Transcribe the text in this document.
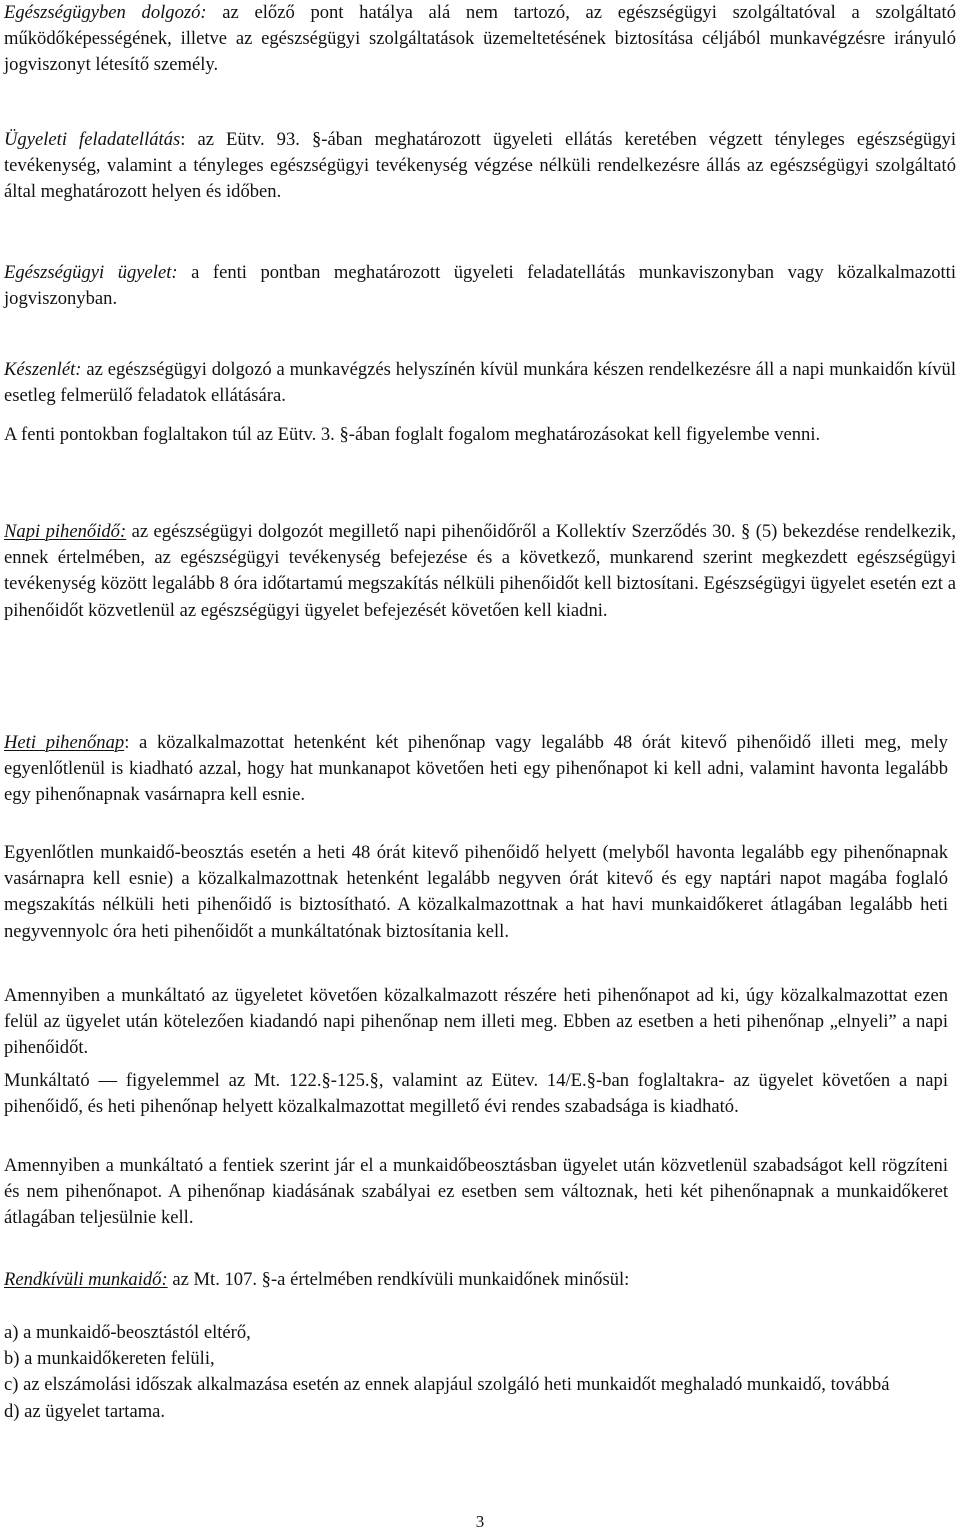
Egészségügyben dolgozó: az előző pont hatálya alá nem tartozó, az egészségügyi szolgáltatóval a szolgáltató működőképességének, illetve az egészségügyi szolgáltatások üzemeltetésének biztosítása céljából munkavégzésre irányuló jogviszonyt létesítő személy.

Ügyeleti feladatellátás: az Eütv. 93. §-ában meghatározott ügyeleti ellátás keretében végzett tényleges egészségügyi tevékenység, valamint a tényleges egészségügyi tevékenység végzése nélküli rendelkezésre állás az egészségügyi szolgáltató által meghatározott helyen és időben.

Egészségügyi ügyelet: a fenti pontban meghatározott ügyeleti feladatellátás munkaviszonyban vagy közalkalmazotti jogviszonyban.

Készenlét: az egészségügyi dolgozó a munkavégzés helyszínén kívül munkára készen rendelkezésre áll a napi munkaidőn kívül esetleg felmerülő feladatok ellátására.

A fenti pontokban foglaltakon túl az Eütv. 3. §-ában foglalt fogalom meghatározásokat kell figyelembe venni.

Napi pihenőidő: az egészségügyi dolgozót megillető napi pihenőidőről a Kollektív Szerződés 30. § (5) bekezdése rendelkezik, ennek értelmében, az egészségügyi tevékenység befejezése és a következő, munkarend szerint megkezdett egészségügyi tevékenység között legalább 8 óra időtartamú megszakítás nélküli pihenőidőt kell biztosítani. Egészségügyi ügyelet esetén ezt a pihenőidőt közvetlenül az egészségügyi ügyelet befejezését követően kell kiadni.

Heti pihenőnap: a közalkalmazottat hetenként két pihenőnap vagy legalább 48 órát kitevő pihenőidő illeti meg, mely egyenlőtlenül is kiadható azzal, hogy hat munkanapot követően heti egy pihenőnapot ki kell adni, valamint havonta legalább egy pihenőnapnak vasárnapra kell esnie.

Egyenlőtlen munkaidő-beosztás esetén a heti 48 órát kitevő pihenőidő helyett (melyből havonta legalább egy pihenőnapnak vasárnapra kell esnie) a közalkalmazottnak hetenként legalább negyven órát kitevő és egy naptári napot magába foglaló megszakítás nélküli heti pihenőidő is biztosítható. A közalkalmazottnak a hat havi munkaidőkeret átlagában legalább heti negyvennyolc óra heti pihenőidőt a munkáltatónak biztosítania kell.

Amennyiben a munkáltató az ügyeletet követően közalkalmazott részére heti pihenőnapot ad ki, úgy közalkalmazottat ezen felül az ügyelet után kötelezően kiadandó napi pihenőnap nem illeti meg. Ebben az esetben a heti pihenőnap „elnyeli” a napi pihenőidőt.

Munkáltató — figyelemmel az Mt. 122.§-125.§, valamint az Eütev. 14/E.§-ban foglaltakra- az ügyelet követően a napi pihenőidő, és heti pihenőnap helyett közalkalmazottat megillető évi rendes szabadsága is kiadható.

Amennyiben a munkáltató a fentiek szerint jár el a munkaidőbeosztásban ügyelet után közvetlenül szabadságot kell rögzíteni és nem pihenőnapot. A pihenőnap kiadásának szabályai ez esetben sem változnak, heti két pihenőnapnak a munkaidőkeret átlagában teljesülnie kell.

Rendkívüli munkaidő: az Mt. 107. §-a értelmében rendkívüli munkaidőnek minősül:

a) a munkaidő-beosztástól eltérő,

b) a munkaidőkereten felüli,

c) az elszámolási időszak alkalmazása esetén az ennek alapjául szolgáló heti munkaidőt meghaladó munkaidő, továbbá

d) az ügyelet tartama.

3
